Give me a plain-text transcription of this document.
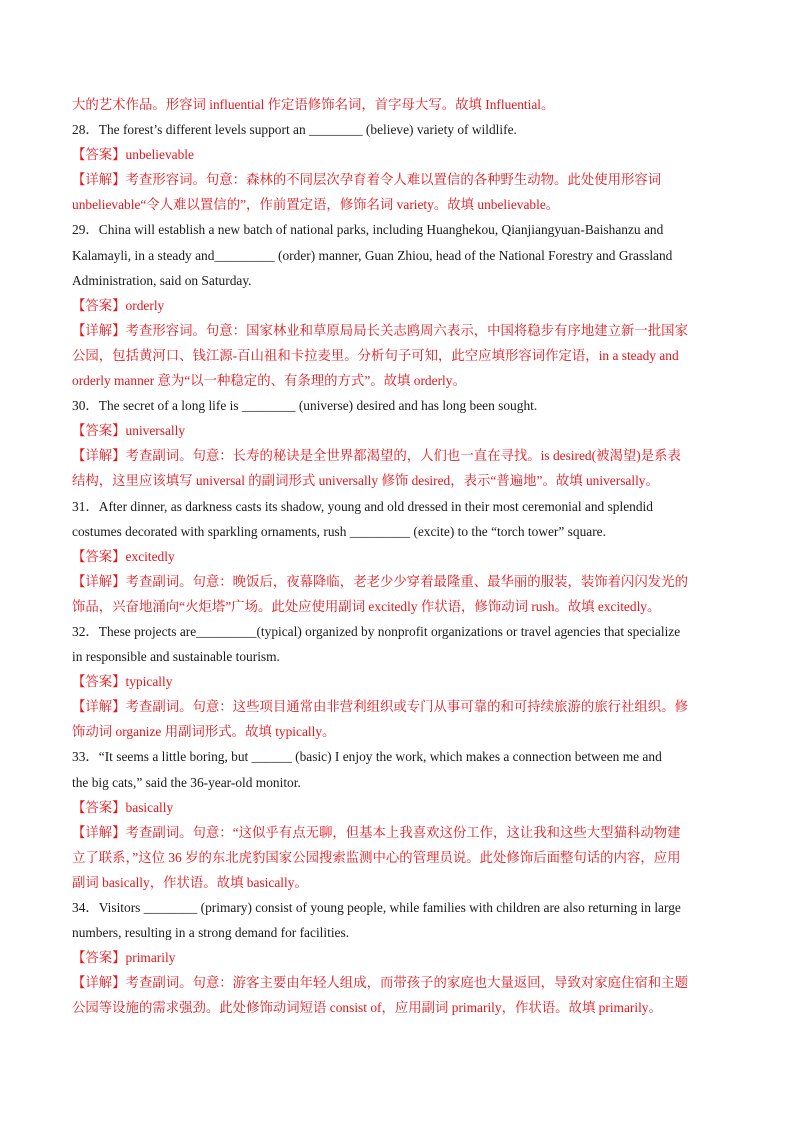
大的艺术作品。形容词 influential 作定语修饰名词，首字母大写。故填 Influential。
28．The forest’s different levels support an ________ (believe) variety of wildlife.
【答案】unbelievable
【详解】考查形容词。句意：森林的不同层次孕育着令人难以置信的各种野生动物。此处使用形容词
unbelievable“令人难以置信的”，作前置定语，修饰名词 variety。故填 unbelievable。
29．China will establish a new batch of national parks, including Huanghekou, Qianjiangyuan-Baishanzu and
Kalamayli, in a steady and_________ (order) manner, Guan Zhiou, head of the National Forestry and Grassland
Administration, said on Saturday.
【答案】orderly
【详解】考查形容词。句意：国家林业和草原局局长关志鸥周六表示，中国将稳步有序地建立新一批国家
公园，包括黄河口、钱江源-百山祖和卡拉麦里。分析句子可知，此空应填形容词作定语，in a steady and
orderly manner 意为“以一种稳定的、有条理的方式”。故填 orderly。
30．The secret of a long life is ________ (universe) desired and has long been sought.
【答案】universally
【详解】考查副词。句意：长寿的秘诀是全世界都渴望的，人们也一直在寻找。is desired(被渴望)是系表
结构，这里应该填写 universal 的副词形式 universally 修饰 desired，表示“普遍地”。故填 universally。
31．After dinner, as darkness casts its shadow, young and old dressed in their most ceremonial and splendid
costumes decorated with sparkling ornaments, rush _________ (excite) to the “torch tower” square.
【答案】excitedly
【详解】考查副词。句意：晚饭后，夜幕降临，老老少少穿着最隆重、最华丽的服装，装饰着闪闪发光的
饰品，兴奋地涌向“火炬塔”广场。此处应使用副词 excitedly 作状语，修饰动词 rush。故填 excitedly。
32．These projects are_________(typical) organized by nonprofit organizations or travel agencies that specialize
in responsible and sustainable tourism.
【答案】typically
【详解】考查副词。句意：这些项目通常由非营利组织或专门从事可靠的和可持续旅游的旅行社组织。修
饰动词 organize 用副词形式。故填 typically。
33．“It seems a little boring, but ______ (basic) I enjoy the work, which makes a connection between me and
the big cats,” said the 36-year-old monitor.
【答案】basically
【详解】考查副词。句意：“这似乎有点无聊，但基本上我喜欢这份工作，这让我和这些大型猫科动物建
立了联系，”这位 36 岁的东北虎豹国家公园搜索监测中心的管理员说。此处修饰后面整句话的内容，应用
副词 basically，作状语。故填 basically。
34．Visitors ________ (primary) consist of young people, while families with children are also returning in large
numbers, resulting in a strong demand for facilities.
【答案】primarily
【详解】考查副词。句意：游客主要由年轻人组成，而带孩子的家庭也大量返回，导致对家庭住宿和主题
公园等设施的需求强劲。此处修饰动词短语 consist of，应用副词 primarily，作状语。故填 primarily。
